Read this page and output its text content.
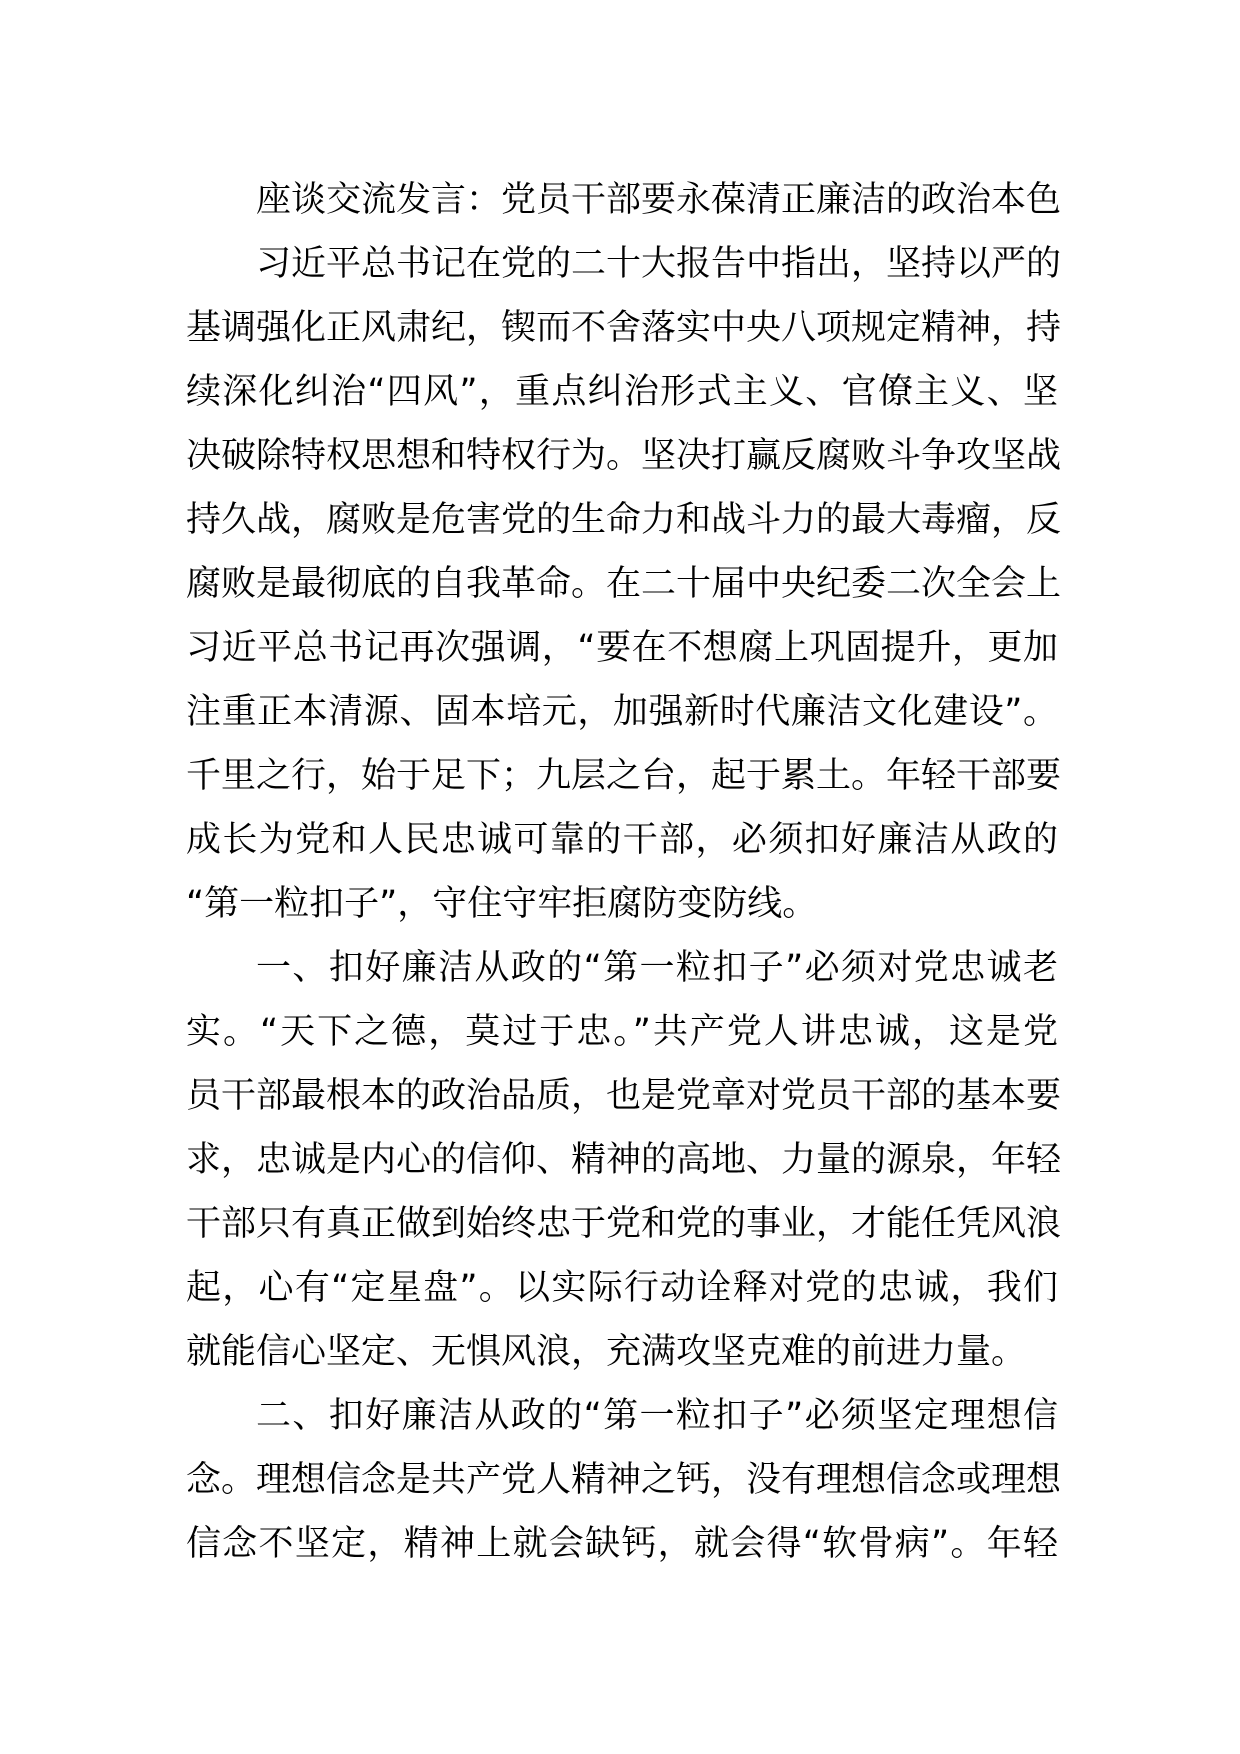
座谈交流发言：党员干部要永葆清正廉洁的政治本色
习近平总书记在党的二十大报告中指出，坚持以严的
基调强化正风肃纪，锲而不舍落实中央八项规定精神，持
续深化纠治“四风”，重点纠治形式主义、官僚主义、坚
决破除特权思想和特权行为。坚决打赢反腐败斗争攻坚战
持久战，腐败是危害党的生命力和战斗力的最大毒瘤，反
腐败是最彻底的自我革命。在二十届中央纪委二次全会上
习近平总书记再次强调，“要在不想腐上巩固提升，更加
注重正本清源、固本培元，加强新时代廉洁文化建设”。
千里之行，始于足下；九层之台，起于累土。年轻干部要
成长为党和人民忠诚可靠的干部，必须扣好廉洁从政的
“第一粒扣子”，守住守牢拒腐防变防线。
一、扣好廉洁从政的“第一粒扣子”必须对党忠诚老
实。“天下之德，莫过于忠。”共产党人讲忠诚，这是党
员干部最根本的政治品质，也是党章对党员干部的基本要
求，忠诚是内心的信仰、精神的高地、力量的源泉，年轻
干部只有真正做到始终忠于党和党的事业，才能任凭风浪
起，心有“定星盘”。以实际行动诠释对党的忠诚，我们
就能信心坚定、无惧风浪，充满攻坚克难的前进力量。
二、扣好廉洁从政的“第一粒扣子”必须坚定理想信
念。理想信念是共产党人精神之钙，没有理想信念或理想
信念不坚定，精神上就会缺钙，就会得“软骨病”。年轻
